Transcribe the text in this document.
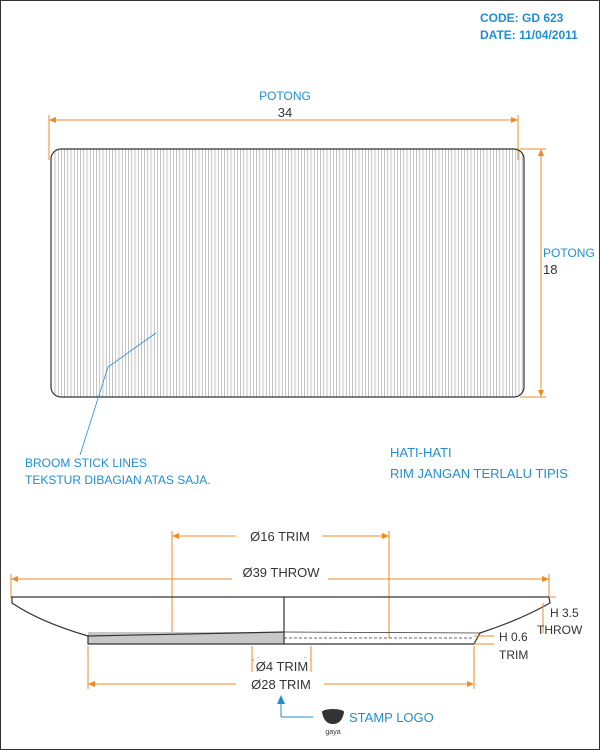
CODE: GD 623
DATE: 11/04/2011
POTONG
34
POTONG
18
BROOM STICK LINES
TEKSTUR DIBAGIAN ATAS SAJA.
HATI-HATI
RIM JANGAN TERLALU TIPIS
Ø16 TRIM
Ø39 THROW
H 3.5
THROW
H 0.6
TRIM
Ø4 TRIM
Ø28 TRIM
gaya
STAMP LOGO
